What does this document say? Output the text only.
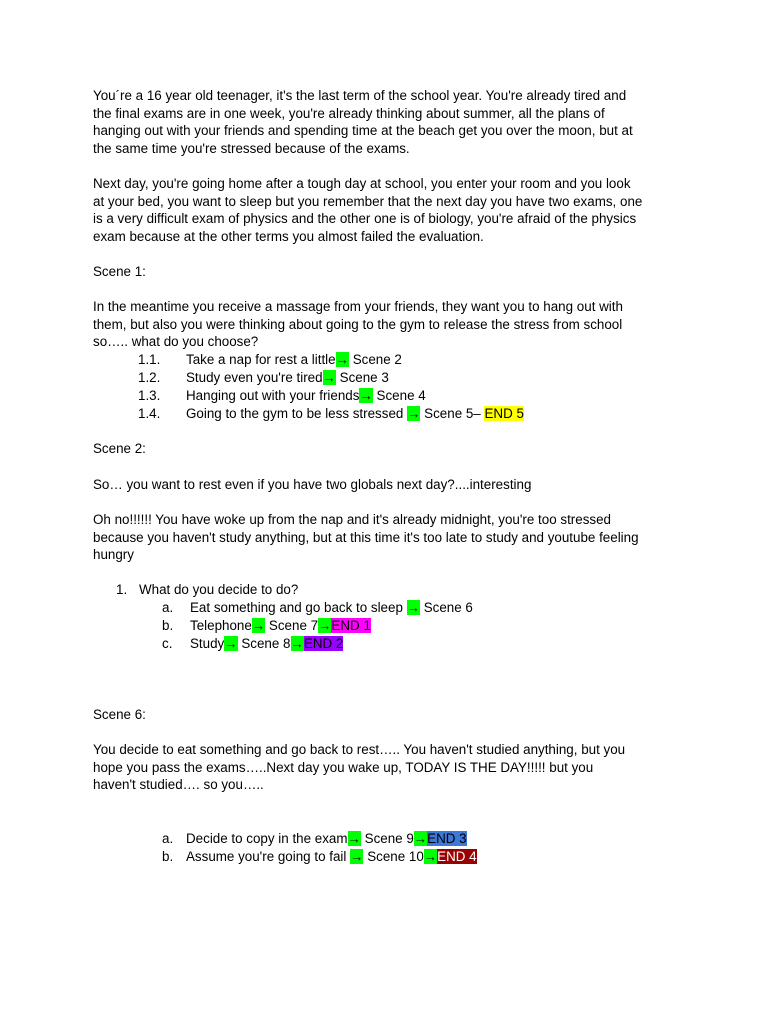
You´re a 16 year old teenager, it's the last term of the school year. You're already tired and
the final exams are in one week, you're already thinking about summer, all the plans of
hanging out with your friends and spending time at the beach get you over the moon, but at
the same time you're stressed because of the exams.
Next day, you're going home after a tough day at school, you enter your room and you look
at your bed, you want to sleep but you remember that the next day you have two exams, one
is a very difficult exam of physics and the other one is of biology, you're afraid of the physics
exam because at the other terms you almost failed the evaluation.
Scene 1:
In the meantime you receive a massage from your friends, they want you to hang out with
them, but also you were thinking about going to the gym to release the stress from school
so….. what do you choose?
1.1. Take a nap for rest a little→ Scene 2
1.2. Study even you're tired→ Scene 3
1.3. Hanging out with your friends→ Scene 4
1.4. Going to the gym to be less stressed → Scene 5– END 5
Scene 2:
So… you want to rest even if you have two globals next day?....interesting
Oh no!!!!!! You have woke up from the nap and it's already midnight, you're too stressed
because you haven't study anything, but at this time it's too late to study and youtube feeling
hungry
1. What do you decide to do?
a. Eat something and go back to sleep → Scene 6
b. Telephone→ Scene 7→END 1
c. Study→ Scene 8→END 2
Scene 6:
You decide to eat something and go back to rest….. You haven't studied anything, but you
hope you pass the exams…..Next day you wake up, TODAY IS THE DAY!!!!! but you
haven't studied…. so you…..
a. Decide to copy in the exam→ Scene 9→END 3
b. Assume you're going to fail → Scene 10→END 4
